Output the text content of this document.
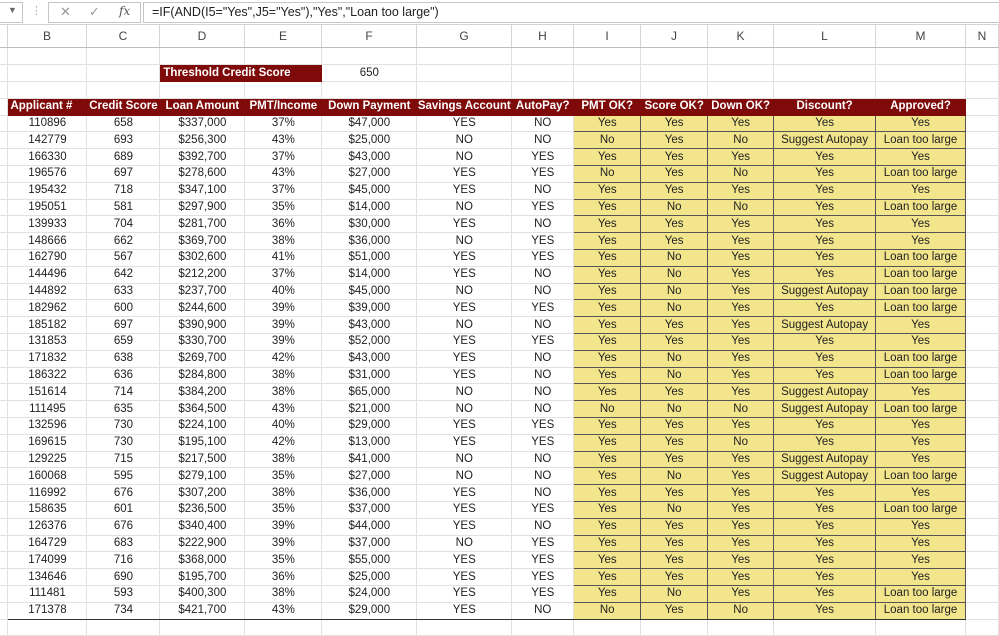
▼ ⋮ ✕ ✓ fx =IF(AND(I5="Yes",J5="Yes"),"Yes","Loan too large")
B	C	D	E	F	G	H	I	J	K	L	M	N

			Threshold Credit Score		650								

	Applicant #	Credit Score	Loan Amount	PMT/Income	Down Payment	Savings Account	AutoPay?	PMT OK?	Score OK?	Down OK?	Discount?	Approved?	
	110896	658	$337,000	37%	$47,000	YES	NO	Yes	Yes	Yes	Yes	Yes	
	142779	693	$256,300	43%	$25,000	NO	NO	No	Yes	No	Suggest Autopay	Loan too large	
	166330	689	$392,700	37%	$43,000	NO	YES	Yes	Yes	Yes	Yes	Yes	
	196576	697	$278,600	43%	$27,000	YES	YES	No	Yes	No	Yes	Loan too large	
	195432	718	$347,100	37%	$45,000	YES	NO	Yes	Yes	Yes	Yes	Yes	
	195051	581	$297,900	35%	$14,000	NO	YES	Yes	No	No	Yes	Loan too large	
	139933	704	$281,700	36%	$30,000	YES	NO	Yes	Yes	Yes	Yes	Yes	
	148666	662	$369,700	38%	$36,000	NO	YES	Yes	Yes	Yes	Yes	Yes	
	162790	567	$302,600	41%	$51,000	YES	YES	Yes	No	Yes	Yes	Loan too large	
	144496	642	$212,200	37%	$14,000	YES	NO	Yes	No	Yes	Yes	Loan too large	
	144892	633	$237,700	40%	$45,000	NO	NO	Yes	No	Yes	Suggest Autopay	Loan too large	
	182962	600	$244,600	39%	$39,000	YES	YES	Yes	No	Yes	Yes	Loan too large	
	185182	697	$390,900	39%	$43,000	NO	NO	Yes	Yes	Yes	Suggest Autopay	Yes	
	131853	659	$330,700	39%	$52,000	YES	YES	Yes	Yes	Yes	Yes	Yes	
	171832	638	$269,700	42%	$43,000	YES	NO	Yes	No	Yes	Yes	Loan too large	
	186322	636	$284,800	38%	$31,000	YES	NO	Yes	No	Yes	Yes	Loan too large	
	151614	714	$384,200	38%	$65,000	NO	NO	Yes	Yes	Yes	Suggest Autopay	Yes	
	111495	635	$364,500	43%	$21,000	NO	NO	No	No	No	Suggest Autopay	Loan too large	
	132596	730	$224,100	40%	$29,000	YES	YES	Yes	Yes	Yes	Yes	Yes	
	169615	730	$195,100	42%	$13,000	YES	YES	Yes	Yes	No	Yes	Yes	
	129225	715	$217,500	38%	$41,000	NO	NO	Yes	Yes	Yes	Suggest Autopay	Yes	
	160068	595	$279,100	35%	$27,000	NO	NO	Yes	No	Yes	Suggest Autopay	Loan too large	
	116992	676	$307,200	38%	$36,000	YES	NO	Yes	Yes	Yes	Yes	Yes	
	158635	601	$236,500	35%	$37,000	YES	YES	Yes	No	Yes	Yes	Loan too large	
	126376	676	$340,400	39%	$44,000	YES	NO	Yes	Yes	Yes	Yes	Yes	
	164729	683	$222,900	39%	$37,000	NO	YES	Yes	Yes	Yes	Yes	Yes	
	174099	716	$368,000	35%	$55,000	YES	YES	Yes	Yes	Yes	Yes	Yes	
	134646	690	$195,700	36%	$25,000	YES	YES	Yes	Yes	Yes	Yes	Yes	
	111481	593	$400,300	38%	$24,000	YES	YES	Yes	No	Yes	Yes	Loan too large	
	171378	734	$421,700	43%	$29,000	YES	NO	No	Yes	No	Yes	Loan too large	
